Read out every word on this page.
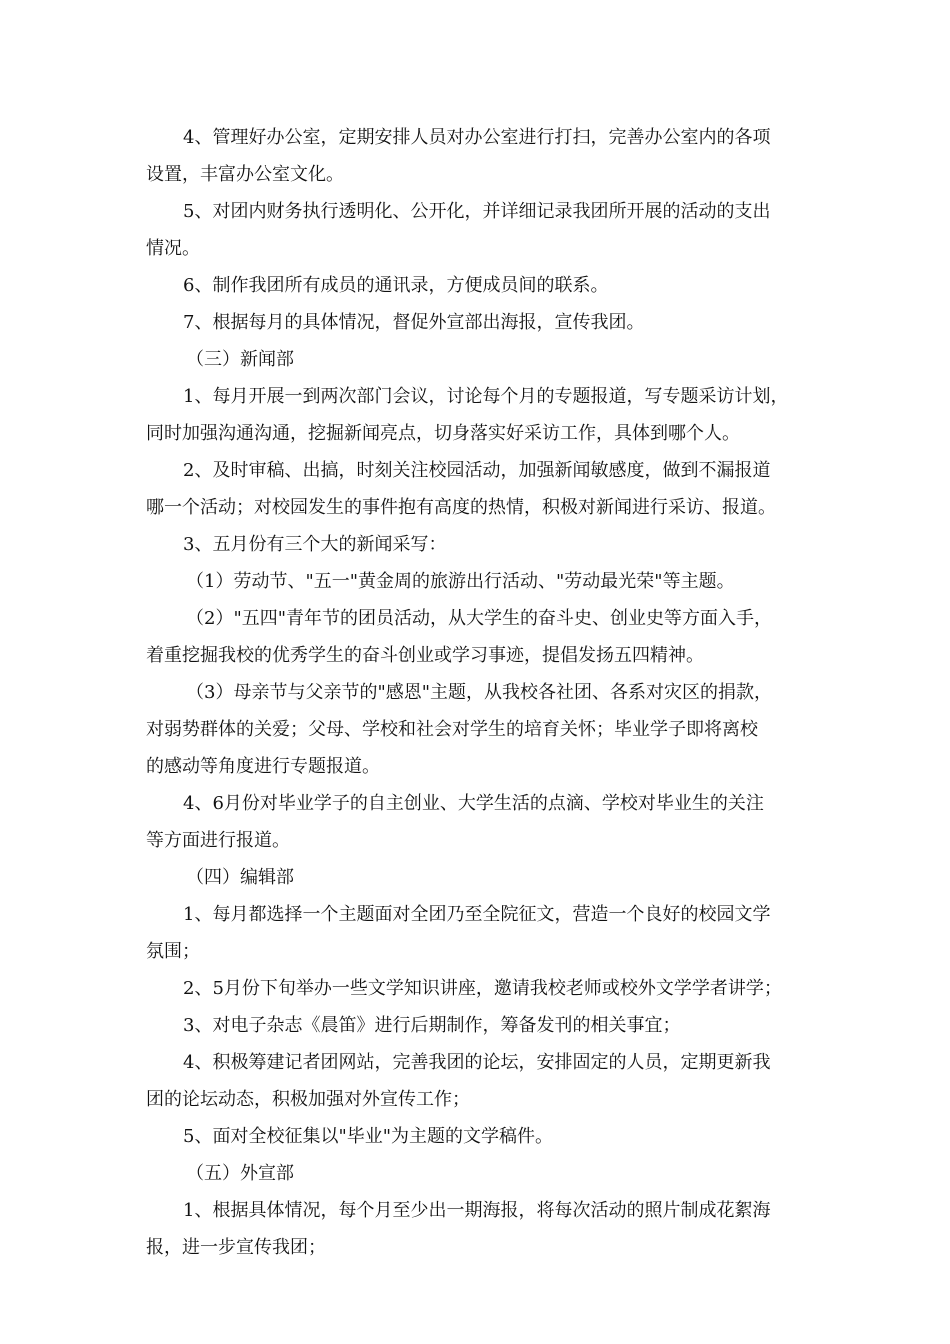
4、管理好办公室，定期安排人员对办公室进行打扫，完善办公室内的各项
设置，丰富办公室文化。
5、对团内财务执行透明化、公开化，并详细记录我团所开展的活动的支出
情况。
6、制作我团所有成员的通讯录，方便成员间的联系。
7、根据每月的具体情况，督促外宣部出海报，宣传我团。
（三）新闻部
1、每月开展一到两次部门会议，讨论每个月的专题报道，写专题采访计划，
同时加强沟通沟通，挖掘新闻亮点，切身落实好采访工作，具体到哪个人。
2、及时审稿、出搞，时刻关注校园活动，加强新闻敏感度，做到不漏报道
哪一个活动；对校园发生的事件抱有高度的热情，积极对新闻进行采访、报道。
3、五月份有三个大的新闻采写：
（1）劳动节、"五一"黄金周的旅游出行活动、"劳动最光荣"等主题。
（2）"五四"青年节的团员活动，从大学生的奋斗史、创业史等方面入手，
着重挖掘我校的优秀学生的奋斗创业或学习事迹，提倡发扬五四精神。
（3）母亲节与父亲节的"感恩"主题，从我校各社团、各系对灾区的捐款，
对弱势群体的关爱；父母、学校和社会对学生的培育关怀；毕业学子即将离校
的感动等角度进行专题报道。
4、6月份对毕业学子的自主创业、大学生活的点滴、学校对毕业生的关注
等方面进行报道。
（四）编辑部
1、每月都选择一个主题面对全团乃至全院征文，营造一个良好的校园文学
氛围；
2、5月份下旬举办一些文学知识讲座，邀请我校老师或校外文学学者讲学；
3、对电子杂志《晨笛》进行后期制作，筹备发刊的相关事宜；
4、积极筹建记者团网站，完善我团的论坛，安排固定的人员，定期更新我
团的论坛动态，积极加强对外宣传工作；
5、面对全校征集以"毕业"为主题的文学稿件。
（五）外宣部
1、根据具体情况，每个月至少出一期海报，将每次活动的照片制成花絮海
报，进一步宣传我团；
